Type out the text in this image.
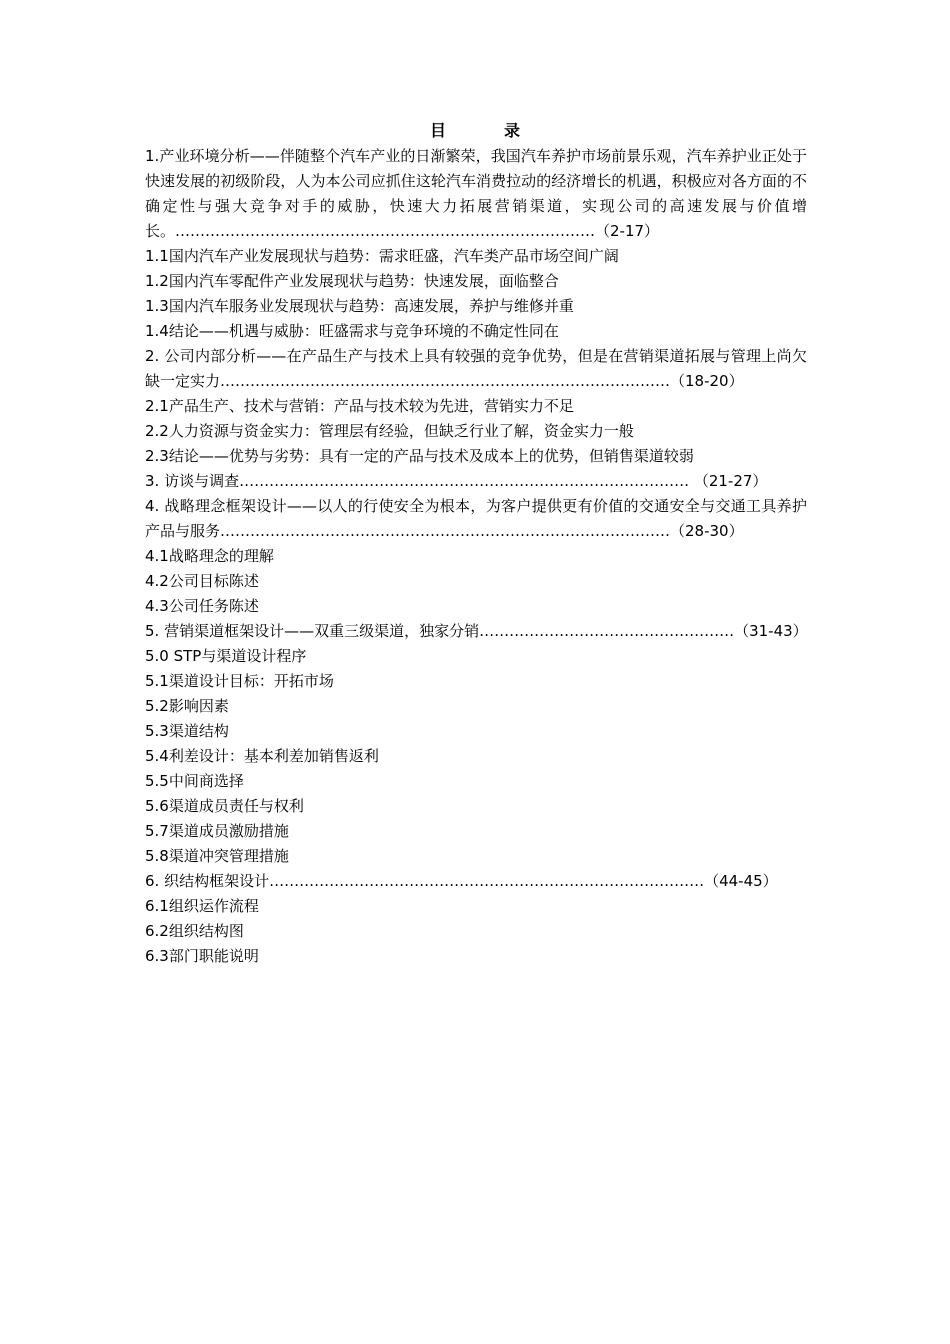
目	录

1.产业环境分析——伴随整个汽车产业的日渐繁荣，我国汽车养护市场前景乐观，汽车养护业正处于快速发展的初级阶段，人为本公司应抓住这轮汽车消费拉动的经济增长的机遇，积极应对各方面的不确定性与强大竞争对手的威胁，快速大力拓展营销渠道，实现公司的高速发展与价值增长。…………………………………………………………………………（2-17）

1.1国内汽车产业发展现状与趋势：需求旺盛，汽车类产品市场空间广阔

1.2国内汽车零配件产业发展现状与趋势：快速发展，面临整合

1.3国内汽车服务业发展现状与趋势：高速发展，养护与维修并重

1.4结论——机遇与威胁：旺盛需求与竞争环境的不确定性同在

2. 公司内部分析——在产品生产与技术上具有较强的竞争优势，但是在营销渠道拓展与管理上尚欠缺一定实力………………………………………………………………………………（18-20）

2.1产品生产、技术与营销：产品与技术较为先进，营销实力不足

2.2人力资源与资金实力：管理层有经验，但缺乏行业了解，资金实力一般

2.3结论——优势与劣势：具有一定的产品与技术及成本上的优势，但销售渠道较弱

3. 访谈与调查……………………………………………………………………………… （21-27）

4. 战略理念框架设计——以人的行使安全为根本，为客户提供更有价值的交通安全与交通工具养护产品与服务………………………………………………………………………………（28-30）

4.1战略理念的理解

4.2公司目标陈述

4.3公司任务陈述

5. 营销渠道框架设计——双重三级渠道，独家分销……………………………………………（31-43）

5.0 STP与渠道设计程序

5.1渠道设计目标：开拓市场

5.2影响因素

5.3渠道结构

5.4利差设计：基本利差加销售返利

5.5中间商选择

5.6渠道成员责任与权利

5.7渠道成员激励措施

5.8渠道冲突管理措施

6. 织结构框架设计……………………………………………………………………………（44-45）

6.1组织运作流程

6.2组织结构图

6.3部门职能说明
